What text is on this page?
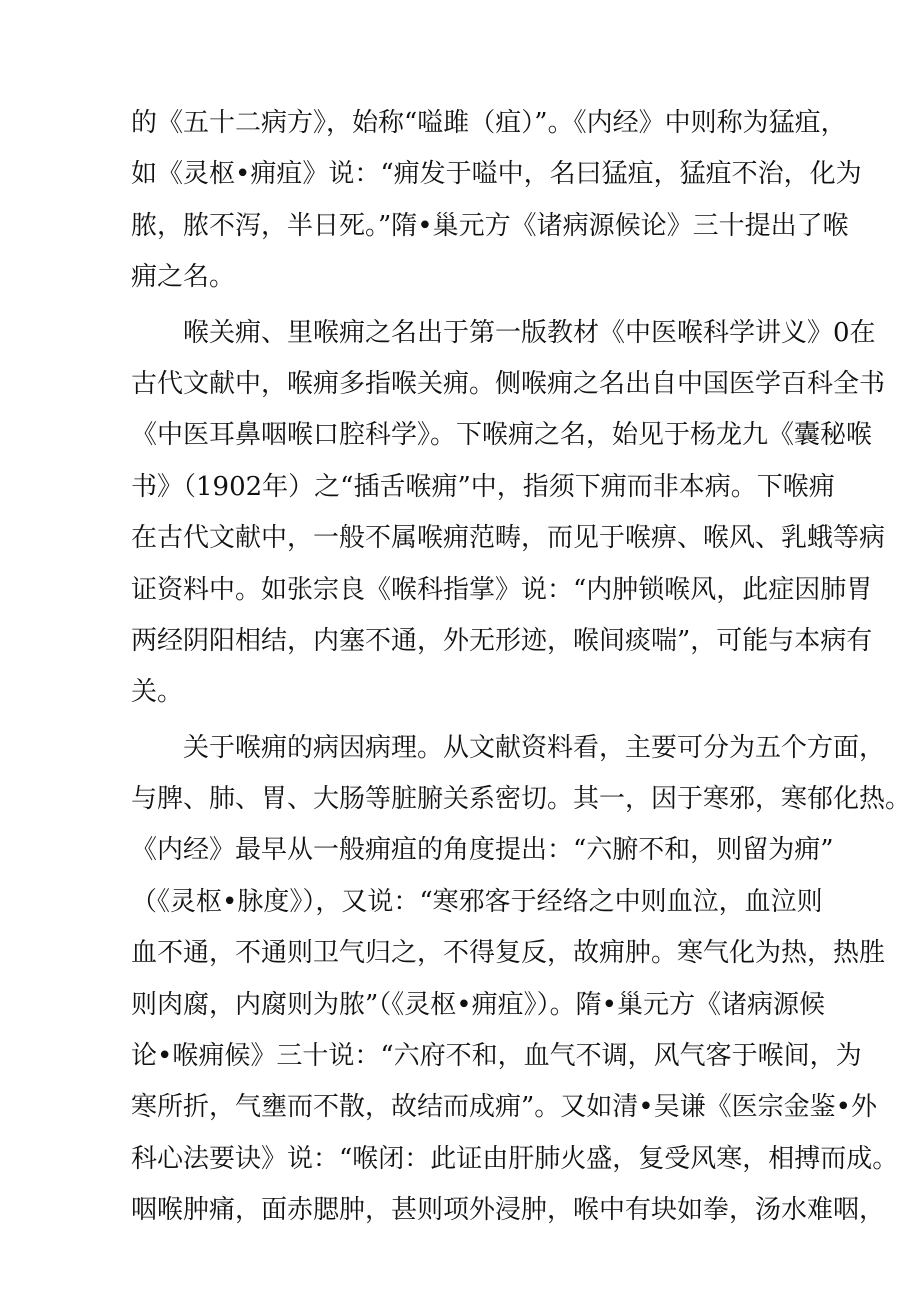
的《五十二病方》，始称“嗌雎（疽）”。《内经》中则称为猛疽，
如《灵枢•痈疽》说：“痈发于嗌中，名曰猛疽，猛疽不治，化为
脓，脓不泻，半日死。”隋•巢元方《诸病源候论》三十提出了喉
痈之名。
　　喉关痈、里喉痈之名出于第一版教材《中医喉科学讲义》0在
古代文献中，喉痈多指喉关痈。侧喉痈之名出自中国医学百科全书
《中医耳鼻咽喉口腔科学》。下喉痈之名，始见于杨龙九《囊秘喉
书》（1902年）之“插舌喉痈”中，指须下痈而非本病。下喉痈
在古代文献中，一般不属喉痈范畴，而见于喉痹、喉风、乳蛾等病
证资料中。如张宗良《喉科指掌》说：“内肿锁喉风，此症因肺胃
两经阴阳相结，内塞不通，外无形迹，喉间痰喘”，可能与本病有
关。
　　关于喉痈的病因病理。从文献资料看，主要可分为五个方面，
与脾、肺、胃、大肠等脏腑关系密切。其一，因于寒邪，寒郁化热。
《内经》最早从一般痈疽的角度提出：“六腑不和，则留为痈”
（《灵枢•脉度》），又说：“寒邪客于经络之中则血泣，血泣则
血不通，不通则卫气归之，不得复反，故痈肿。寒气化为热，热胜
则肉腐，内腐则为脓”（《灵枢•痈疽》）。隋•巢元方《诸病源候
论•喉痈候》三十说：“六府不和，血气不调，风气客于喉间，为
寒所折，气壅而不散，故结而成痈”。又如清•吴谦《医宗金鉴•外
科心法要诀》说：“喉闭：此证由肝肺火盛，复受风寒，相搏而成。
咽喉肿痛，面赤腮肿，甚则项外浸肿，喉中有块如拳，汤水难咽，
